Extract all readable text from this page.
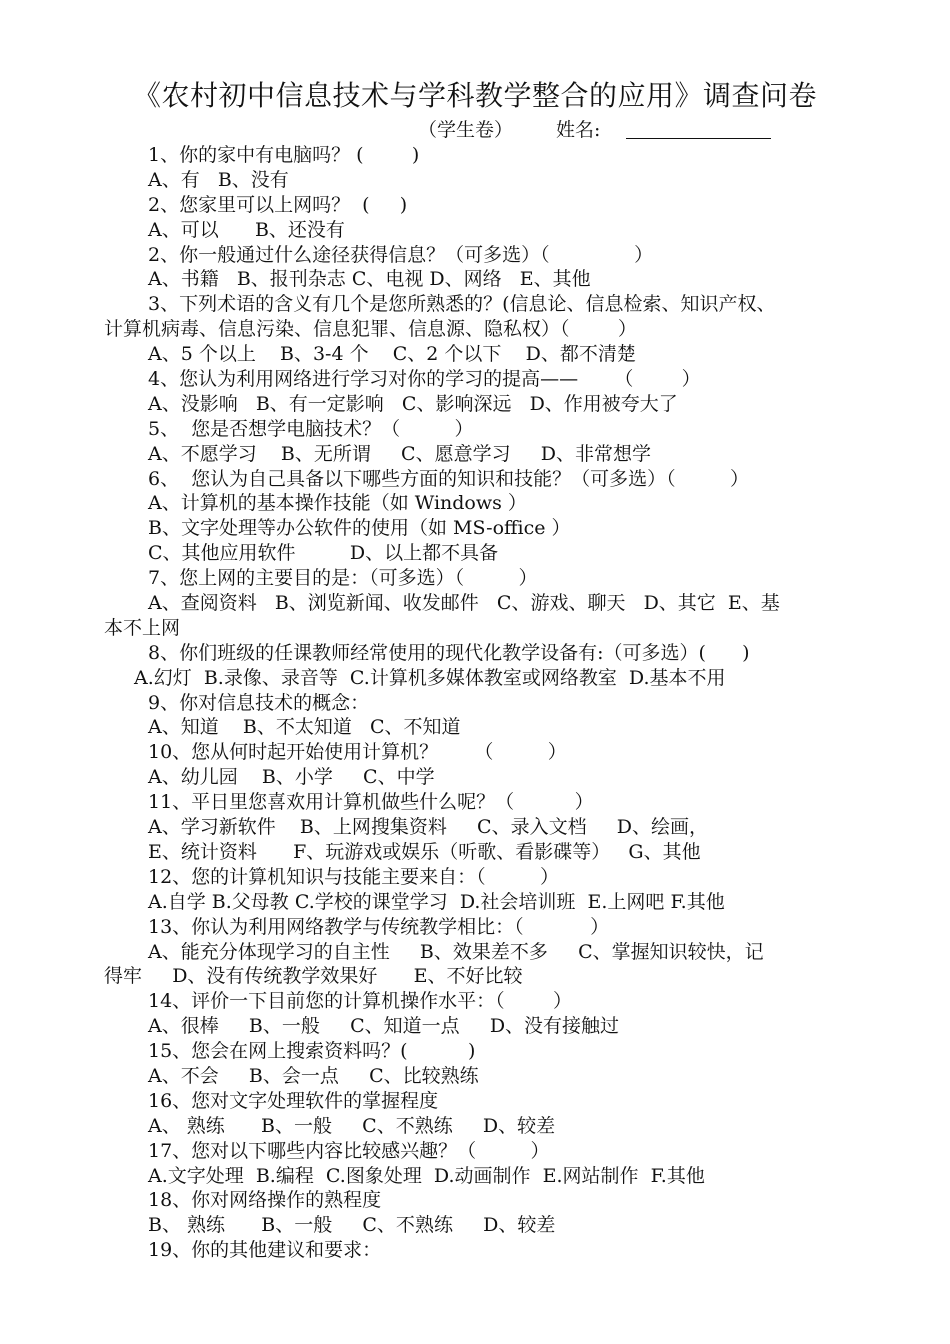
《农村初中信息技术与学科教学整合的应用》调查问卷
（学生卷） 姓名:
1、你的家中有电脑吗？ (        )
A、有   B、没有
2、您家里可以上网吗？  (     )
A、可以      B、还没有
2、你一般通过什么途径获得信息？（可多选）（              ）
A、书籍   B、报刊杂志 C、电视 D、网络   E、其他
3、下列术语的含义有几个是您所熟悉的？(信息论、信息检索、知识产权、
计算机病毒、信息污染、信息犯罪、信息源、隐私权）（        ）
A、5 个以上    B、3-4 个    C、2 个以下    D、都不清楚
4、您认为利用网络进行学习对你的学习的提高——      （        ）
A、没影响   B、有一定影响   C、影响深远   D、作用被夸大了
5、  您是否想学电脑技术？（         ）
A、不愿学习    B、无所谓     C、愿意学习     D、非常想学
6、  您认为自己具备以下哪些方面的知识和技能？（可多选）（         ）
A、计算机的基本操作技能（如 Windows ）
B、文字处理等办公软件的使用（如 MS-office ）
C、其他应用软件         D、以上都不具备
7、您上网的主要目的是：（可多选）（         ）
A、查阅资料   B、浏览新闻、收发邮件   C、游戏、聊天   D、其它  E、基
本不上网
8、你们班级的任课教师经常使用的现代化教学设备有:（可多选）(      )
A.幻灯  B.录像、录音等  C.计算机多媒体教室或网络教室  D.基本不用
9、你对信息技术的概念：
A、知道    B、不太知道   C、不知道
10、您从何时起开始使用计算机？      （         ）
A、幼儿园    B、小学     C、中学
11、平日里您喜欢用计算机做些什么呢？（          ）
A、学习新软件    B、上网搜集资料     C、录入文档     D、绘画，
E、统计资料      F、玩游戏或娱乐（听歌、看影碟等）   G、其他
12、您的计算机知识与技能主要来自：（         ）
A.自学 B.父母教 C.学校的课堂学习  D.社会培训班  E.上网吧 F.其他
13、你认为利用网络教学与传统教学相比：（           ）
A、能充分体现学习的自主性     B、效果差不多     C、掌握知识较快，记
得牢     D、没有传统教学效果好      E、不好比较
14、评价一下目前您的计算机操作水平：（        ）
A、很棒     B、一般     C、知道一点     D、没有接触过
15、您会在网上搜索资料吗？(          )
A、不会     B、会一点     C、比较熟练
16、您对文字处理软件的掌握程度
A、 熟练      B、一般     C、不熟练     D、较差
17、您对以下哪些内容比较感兴趣？（         ）
A.文字处理  B.编程  C.图象处理  D.动画制作  E.网站制作  F.其他
18、你对网络操作的熟程度
B、 熟练      B、一般     C、不熟练     D、较差
19、你的其他建议和要求：
